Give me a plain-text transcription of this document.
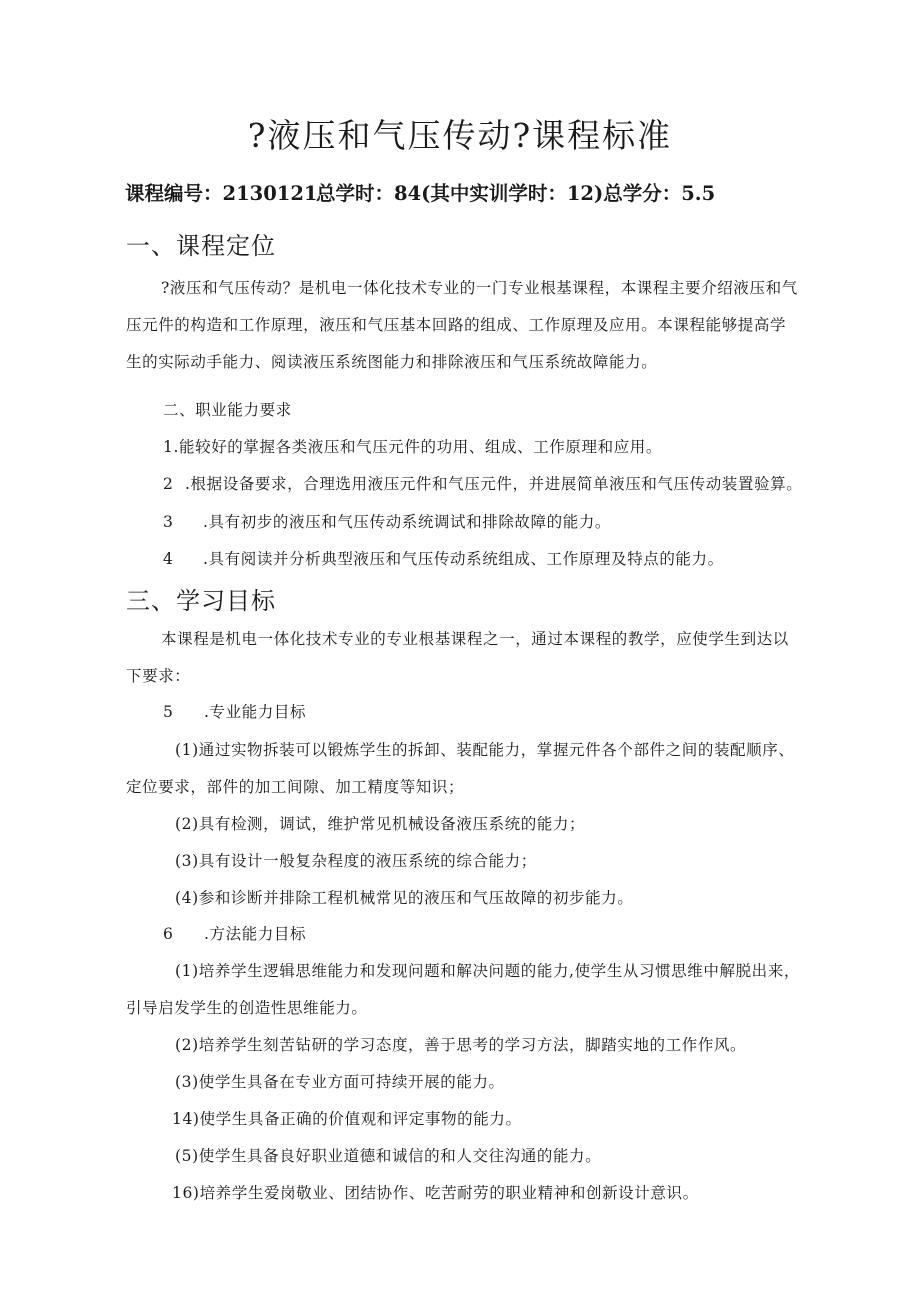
?液压和气压传动?课程标准
课程编号：2130121
总学时：84(其中实训学时：12)总学分：5.5
一、课程定位
?液压和气压传动？是机电一体化技术专业的一门专业根基课程，本课程主要介绍液压和气
压元件的构造和工作原理，液压和气压基本回路的组成、工作原理及应用。本课程能够提高学
生的实际动手能力、阅读液压系统图能力和排除液压和气压系统故障能力。
二、职业能力要求
1.能较好的掌握各类液压和气压元件的功用、组成、工作原理和应用。
2 .根据设备要求，合理选用液压元件和气压元件，并进展简单液压和气压传动装置验算。
3 .具有初步的液压和气压传动系统调试和排除故障的能力。
4 .具有阅读并分析典型液压和气压传动系统组成、工作原理及特点的能力。
三、学习目标
本课程是机电一体化技术专业的专业根基课程之一，通过本课程的教学，应使学生到达以
下要求：
5 .专业能力目标
(1)通过实物拆装可以锻炼学生的拆卸、装配能力，掌握元件各个部件之间的装配顺序、
定位要求，部件的加工间隙、加工精度等知识；
(2)具有检测，调试，维护常见机械设备液压系统的能力；
(3)具有设计一般复杂程度的液压系统的综合能力；
(4)参和诊断并排除工程机械常见的液压和气压故障的初步能力。
6 .方法能力目标
(1)培养学生逻辑思维能力和发现问题和解决问题的能力,使学生从习惯思维中解脱出来，
引导启发学生的创造性思维能力。
(2)培养学生刻苦钻研的学习态度，善于思考的学习方法，脚踏实地的工作作风。
(3)使学生具备在专业方面可持续开展的能力。
14)使学生具备正确的价值观和评定事物的能力。
(5)使学生具备良好职业道德和诚信的和人交往沟通的能力。
16)培养学生爱岗敬业、团结协作、吃苦耐劳的职业精神和创新设计意识。
